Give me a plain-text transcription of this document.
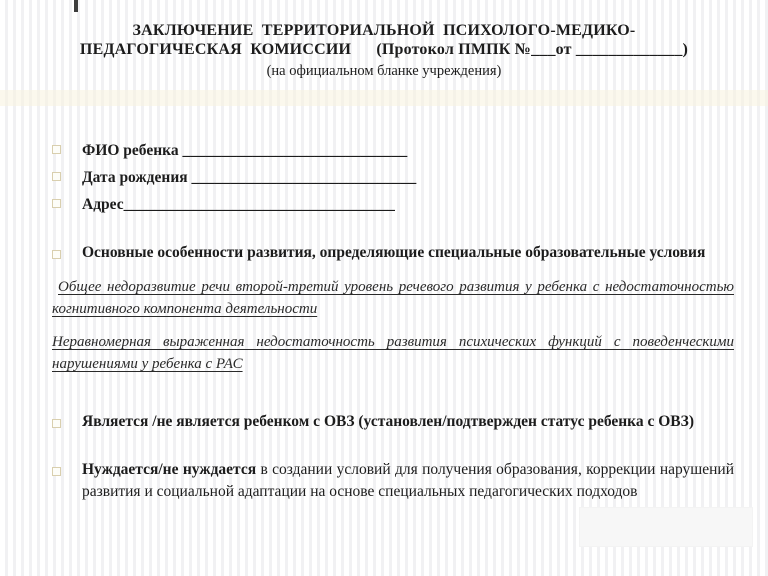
ЗАКЛЮЧЕНИЕ  ТЕРРИТОРИАЛЬНОЙ  ПСИХОЛОГО-МЕДИКО-
ПЕДАГОГИЧЕСКАЯ  КОМИССИИ      (Протокол ПМПК №___от _____________)
(на официальном бланке учреждения)
ФИО ребенка _____________________________
Дата рождения _____________________________
Адрес___________________________________
Основные особенности развития, определяющие специальные образовательные условия
Общее недоразвитие речи второй-третий уровень речевого развития у ребенка с недостаточностью когнитивного компонента деятельности
Неравномерная выраженная недостаточность развития психических функций с поведенческими нарушениями у ребенка с РАС
Является /не является ребенком с ОВЗ (установлен/подтвержден статус ребенка с ОВЗ)
Нуждается/не нуждается в создании условий для получения образования, коррекции нарушений развития и социальной адаптации на основе специальных педагогических подходов
